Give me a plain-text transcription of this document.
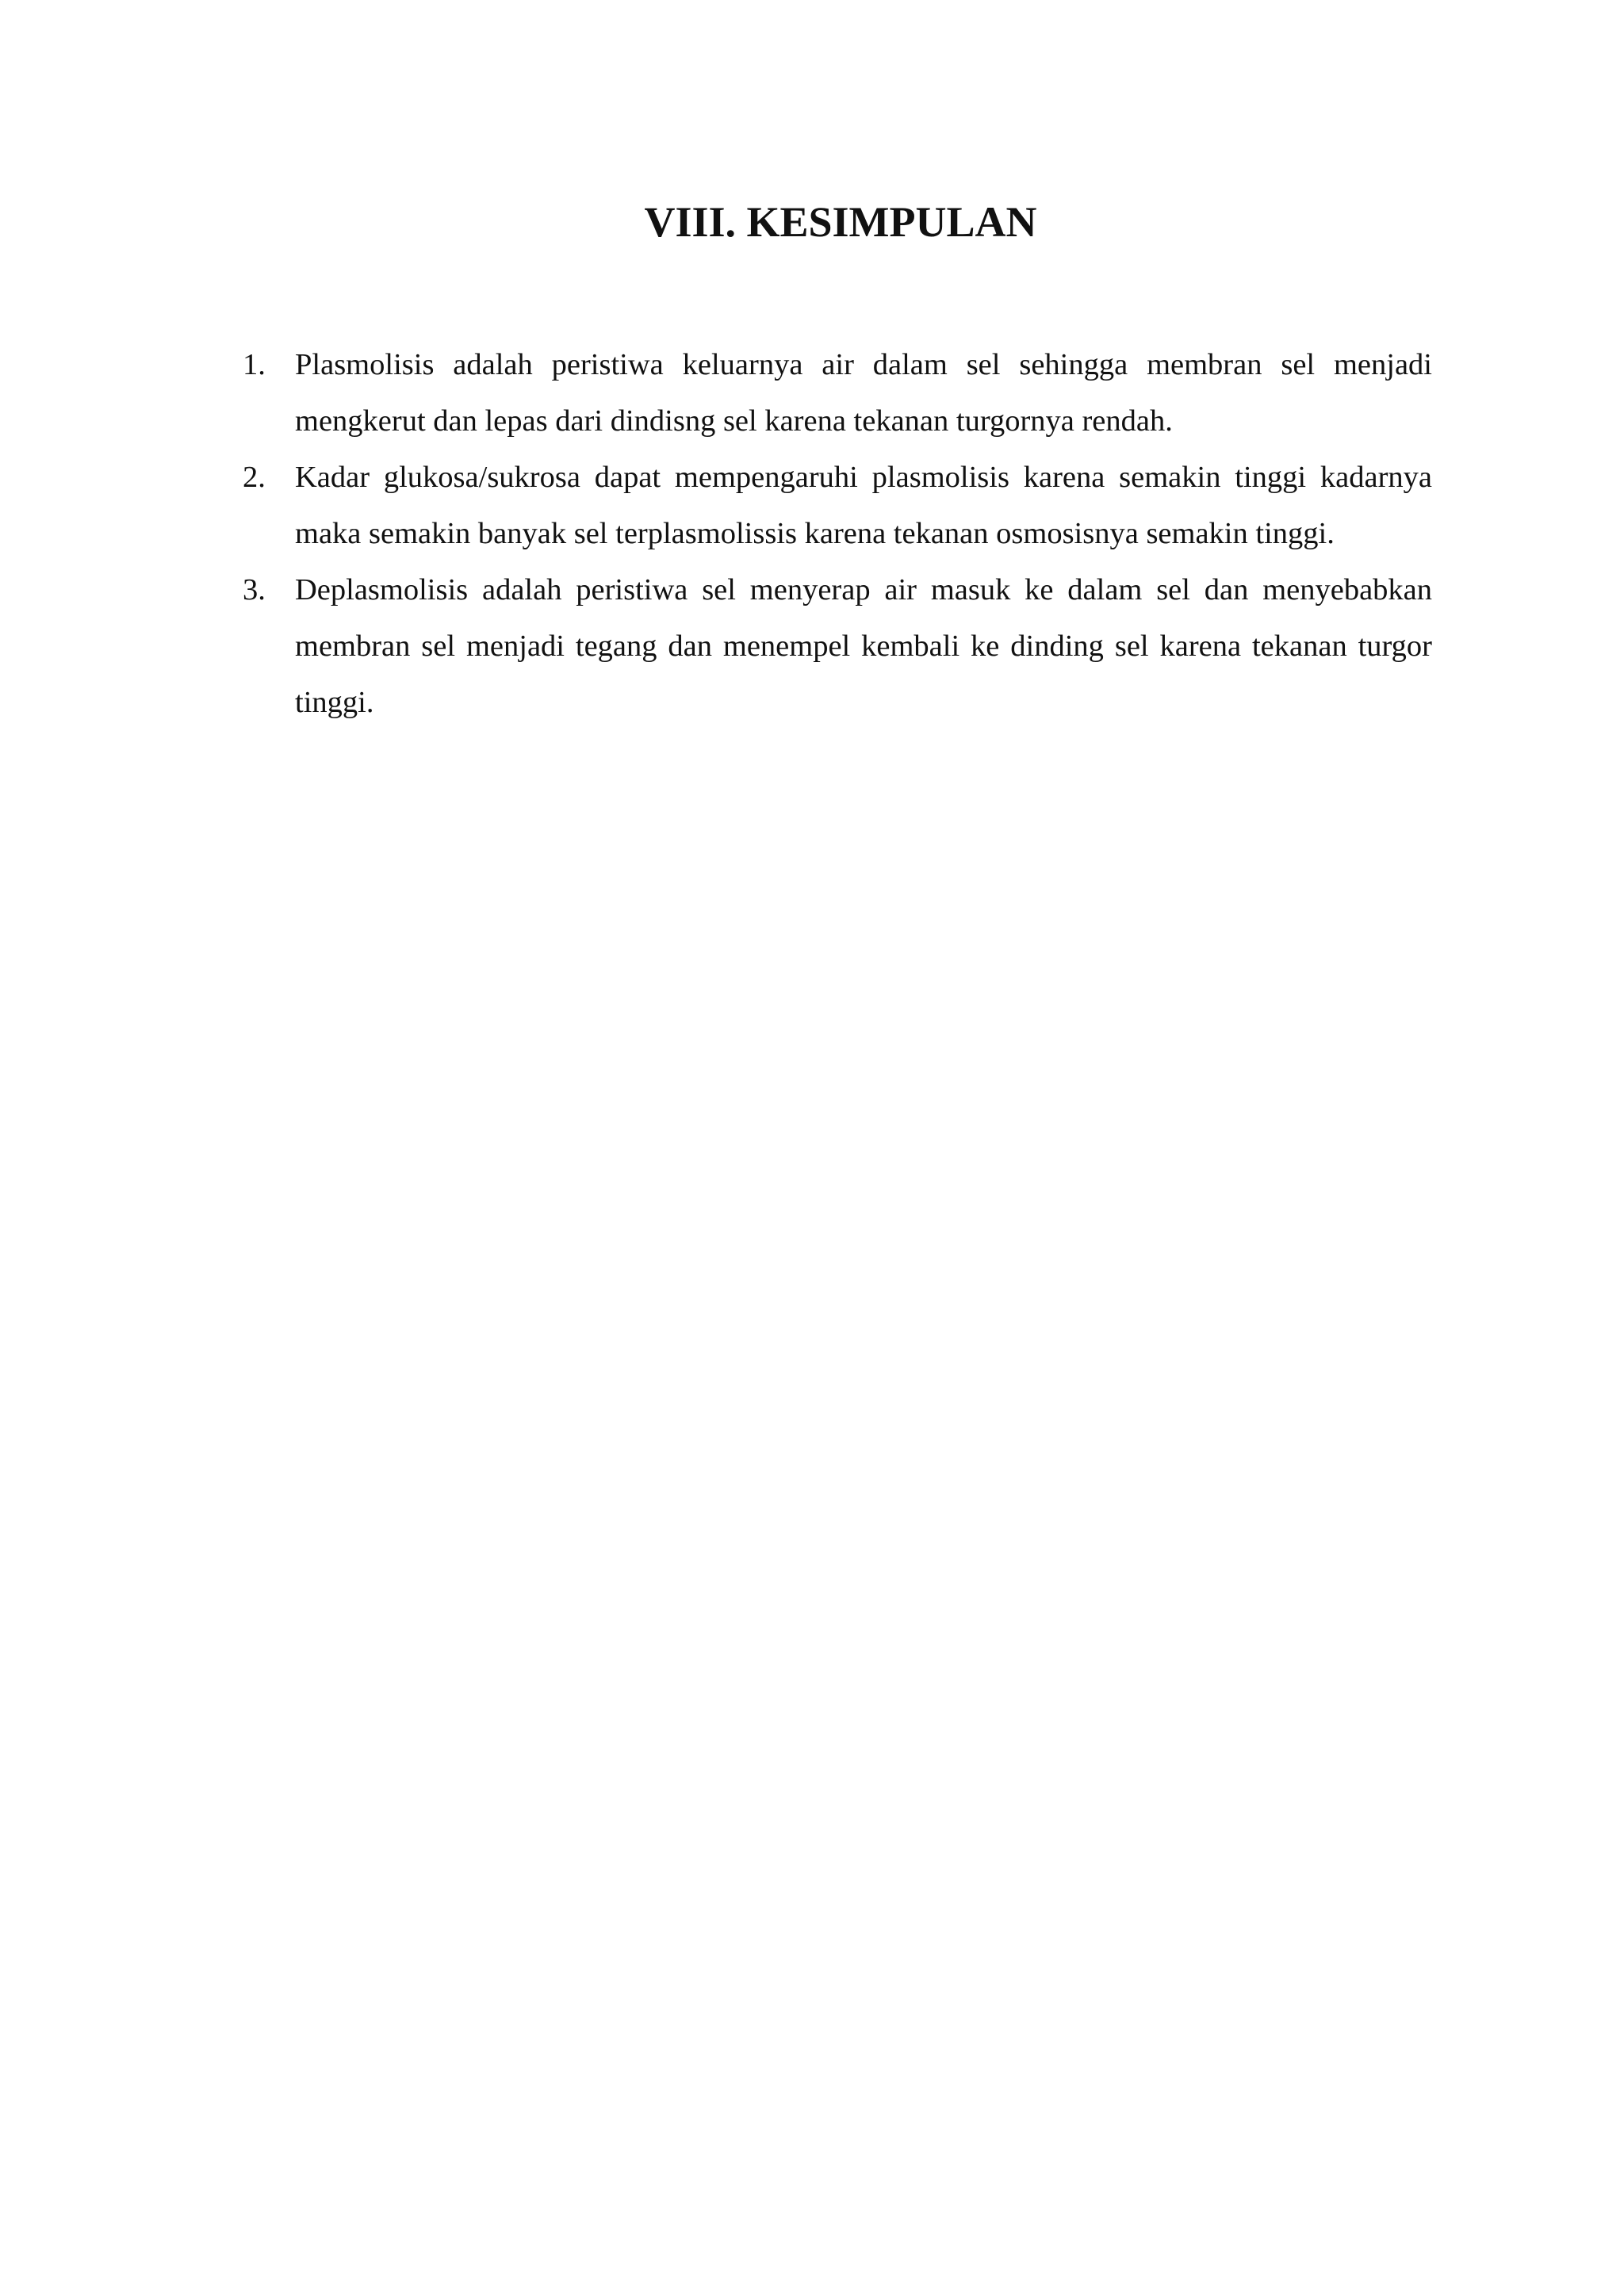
VIII. KESIMPULAN
1. Plasmolisis adalah peristiwa keluarnya air dalam sel sehingga membran sel menjadi mengkerut dan lepas dari dindisng sel karena tekanan turgornya rendah.
2. Kadar glukosa/sukrosa dapat mempengaruhi plasmolisis karena semakin tinggi kadarnya maka semakin banyak sel terplasmolissis karena tekanan osmosisnya semakin tinggi.
3. Deplasmolisis adalah peristiwa sel menyerap air masuk ke dalam sel dan menyebabkan membran sel menjadi tegang dan menempel kembali ke dinding sel karena tekanan turgor tinggi.
